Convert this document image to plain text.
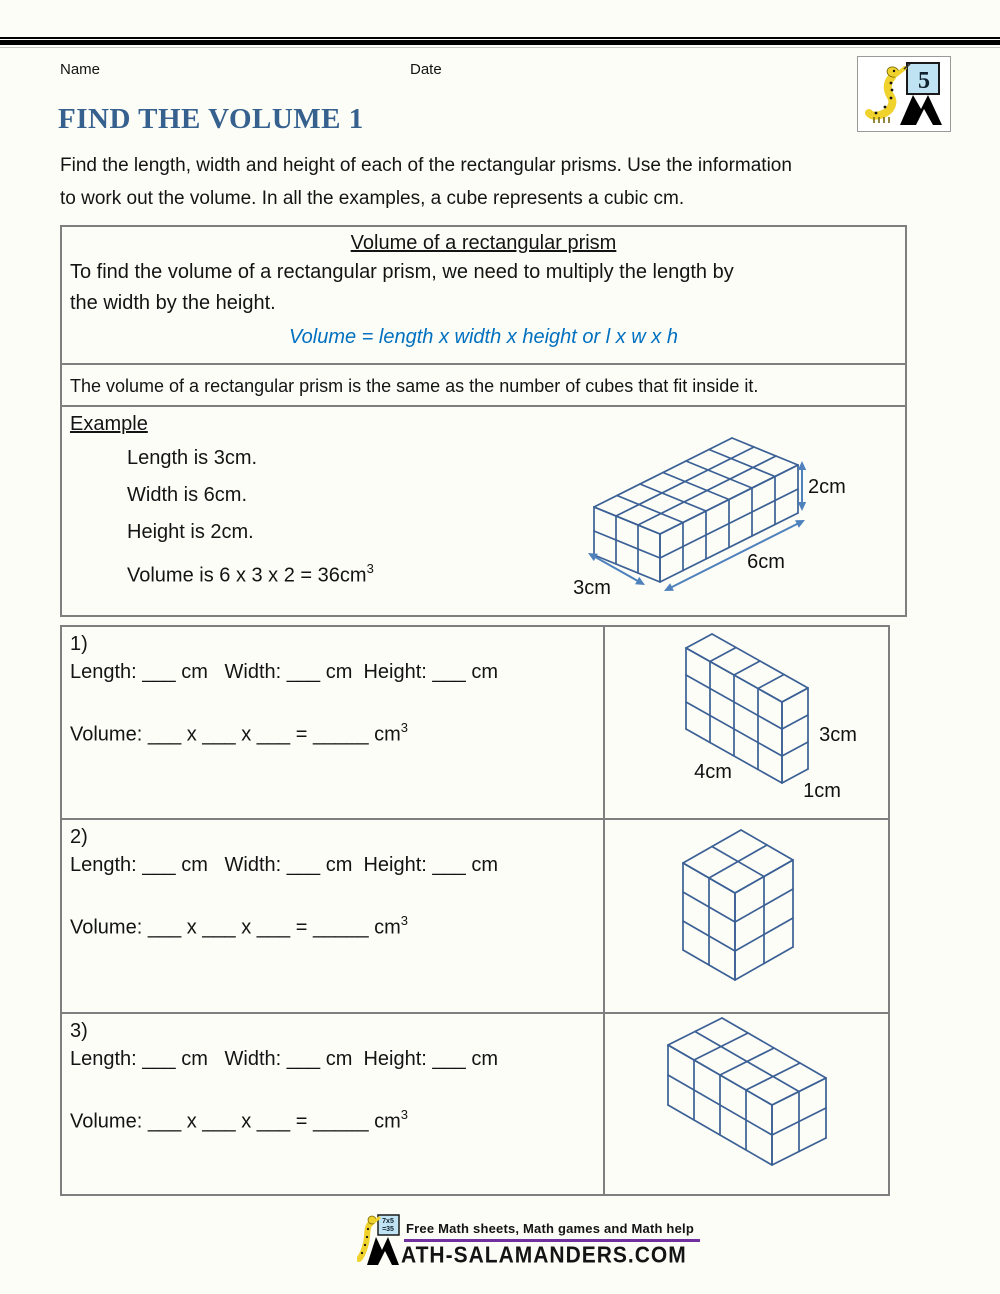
Name	Date	5
FIND THE VOLUME 1
Find the length, width and height of each of the rectangular prisms. Use the information
to work out the volume. In all the examples, a cube represents a cubic cm.
Volume of a rectangular prism
To find the volume of a rectangular prism, we need to multiply the length by
the width by the height.
Volume = length x width x height or l x w x h
The volume of a rectangular prism is the same as the number of cubes that fit inside it.
Example
Length is 3cm.
Width is 6cm.
Height is 2cm.
Volume is 6 x 3 x $2 = 36cm^3$
2cm
6cm
3cm

1)

Length: ___ cm   Width: ___ cm  Height: ___ cm

Volume: ___ x ___ x ___ = _____ $cm^3$

4cm
3cm
1cm

2)

Length: ___ cm   Width: ___ cm  Height: ___ cm

Volume: ___ x ___ x ___ = _____ $cm^3$

3)

Length: ___ cm   Width: ___ cm  Height: ___ cm

Volume: ___ x ___ x ___ = _____ $cm^3$

7x5
=35 Free Math sheets, Math games and Math help
ATH-SALAMANDERS.COM
